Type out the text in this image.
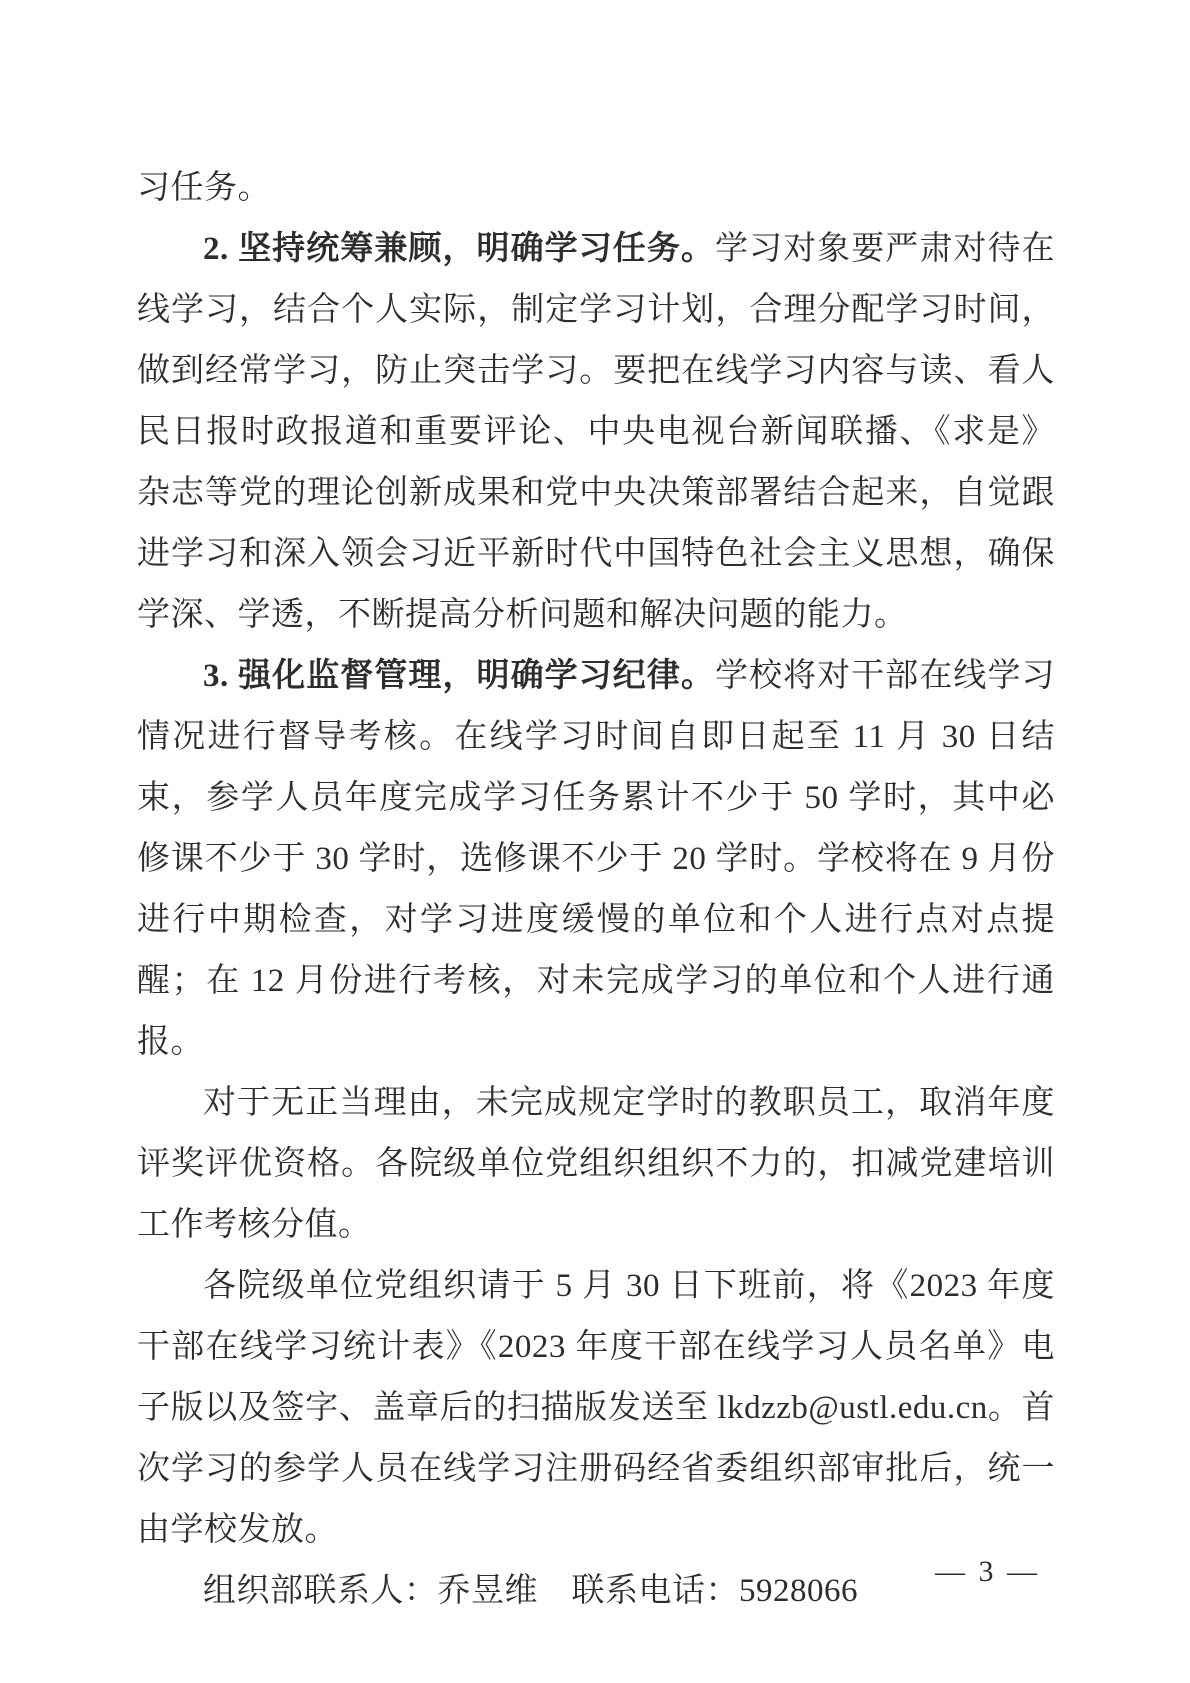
习任务。

2. 坚持统筹兼顾，明确学习任务。学习对象要严肃对待在线学习，结合个人实际，制定学习计划，合理分配学习时间，做到经常学习，防止突击学习。要把在线学习内容与读、看人民日报时政报道和重要评论、中央电视台新闻联播、《求是》杂志等党的理论创新成果和党中央决策部署结合起来，自觉跟进学习和深入领会习近平新时代中国特色社会主义思想，确保学深、学透，不断提高分析问题和解决问题的能力。

3. 强化监督管理，明确学习纪律。学校将对干部在线学习情况进行督导考核。在线学习时间自即日起至 11 月 30 日结束，参学人员年度完成学习任务累计不少于 50 学时，其中必修课不少于 30 学时，选修课不少于 20 学时。学校将在 9 月份进行中期检查，对学习进度缓慢的单位和个人进行点对点提醒；在 12 月份进行考核，对未完成学习的单位和个人进行通报。

对于无正当理由，未完成规定学时的教职员工，取消年度评奖评优资格。各院级单位党组织组织不力的，扣减党建培训工作考核分值。

各院级单位党组织请于 5 月 30 日下班前，将《2023 年度干部在线学习统计表》《2023 年度干部在线学习人员名单》电子版以及签字、盖章后的扫描版发送至 lkdzzb@ustl.edu.cn。首次学习的参学人员在线学习注册码经省委组织部审批后，统一由学校发放。

组织部联系人：乔昱维　联系电话：5928066

— 3 —
